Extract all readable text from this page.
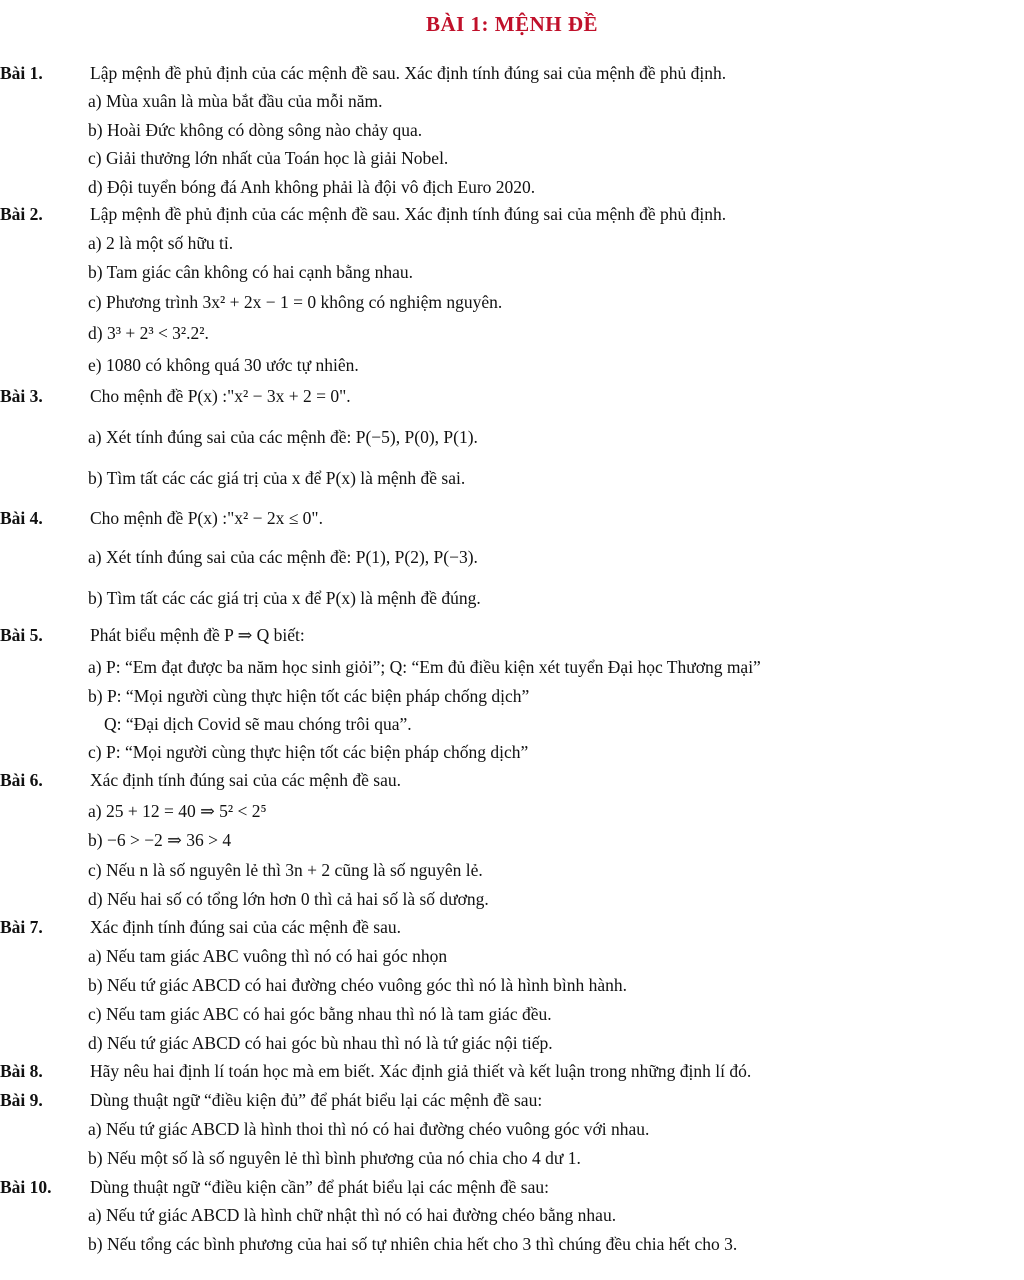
BÀI 1: MỆNH ĐỀ
Bài 1.	Lập mệnh đề phủ định của các mệnh đề sau. Xác định tính đúng sai của mệnh đề phủ định.
a) Mùa xuân là mùa bắt đầu của mỗi năm.
b) Hoài Đức không có dòng sông nào chảy qua.
c) Giải thưởng lớn nhất của Toán học là giải Nobel.
d) Đội tuyển bóng đá Anh không phải là đội vô địch Euro 2020.
Bài 2.	Lập mệnh đề phủ định của các mệnh đề sau. Xác định tính đúng sai của mệnh đề phủ định.
a) 2 là một số hữu tỉ.
b) Tam giác cân không có hai cạnh bằng nhau.
c) Phương trình 3x² + 2x − 1 = 0 không có nghiệm nguyên.
d) 3³ + 2³ < 3².2².
e) 1080 có không quá 30 ước tự nhiên.
Bài 3.	Cho mệnh đề P(x) :"x² − 3x + 2 = 0".
a) Xét tính đúng sai của các mệnh đề: P(−5), P(0), P(1).
b) Tìm tất các các giá trị của x để P(x) là mệnh đề sai.
Bài 4.	Cho mệnh đề P(x) :"x² − 2x ≤ 0".
a) Xét tính đúng sai của các mệnh đề: P(1), P(2), P(−3).
b) Tìm tất các các giá trị của x để P(x) là mệnh đề đúng.
Bài 5.	Phát biểu mệnh đề P ⇒ Q biết:
a) P: “Em đạt được ba năm học sinh giỏi”; Q: “Em đủ điều kiện xét tuyển Đại học Thương mại”
b) P: “Mọi người cùng thực hiện tốt các biện pháp chống dịch”
Q: “Đại dịch Covid sẽ mau chóng trôi qua”.
c) P: “Mọi người cùng thực hiện tốt các biện pháp chống dịch”
Bài 6.	Xác định tính đúng sai của các mệnh đề sau.
a) 25 + 12 = 40 ⇒ 5² < 2⁵
b) −6 > −2 ⇒ 36 > 4
c) Nếu n là số nguyên lẻ thì 3n + 2 cũng là số nguyên lẻ.
d) Nếu hai số có tổng lớn hơn 0 thì cả hai số là số dương.
Bài 7.	Xác định tính đúng sai của các mệnh đề sau.
a) Nếu tam giác ABC vuông thì nó có hai góc nhọn
b) Nếu tứ giác ABCD có hai đường chéo vuông góc thì nó là hình bình hành.
c) Nếu tam giác ABC có hai góc bằng nhau thì nó là tam giác đều.
d) Nếu tứ giác ABCD có hai góc bù nhau thì nó là tứ giác nội tiếp.
Bài 8.	Hãy nêu hai định lí toán học mà em biết. Xác định giả thiết và kết luận trong những định lí đó.
Bài 9.	Dùng thuật ngữ “điều kiện đủ” để phát biểu lại các mệnh đề sau:
a) Nếu tứ giác ABCD là hình thoi thì nó có hai đường chéo vuông góc với nhau.
b) Nếu một số là số nguyên lẻ thì bình phương của nó chia cho 4 dư 1.
Bài 10. Dùng thuật ngữ “điều kiện cần” để phát biểu lại các mệnh đề sau:
a) Nếu tứ giác ABCD là hình chữ nhật thì nó có hai đường chéo bằng nhau.
b) Nếu tổng các bình phương của hai số tự nhiên chia hết cho 3 thì chúng đều chia hết cho 3.
